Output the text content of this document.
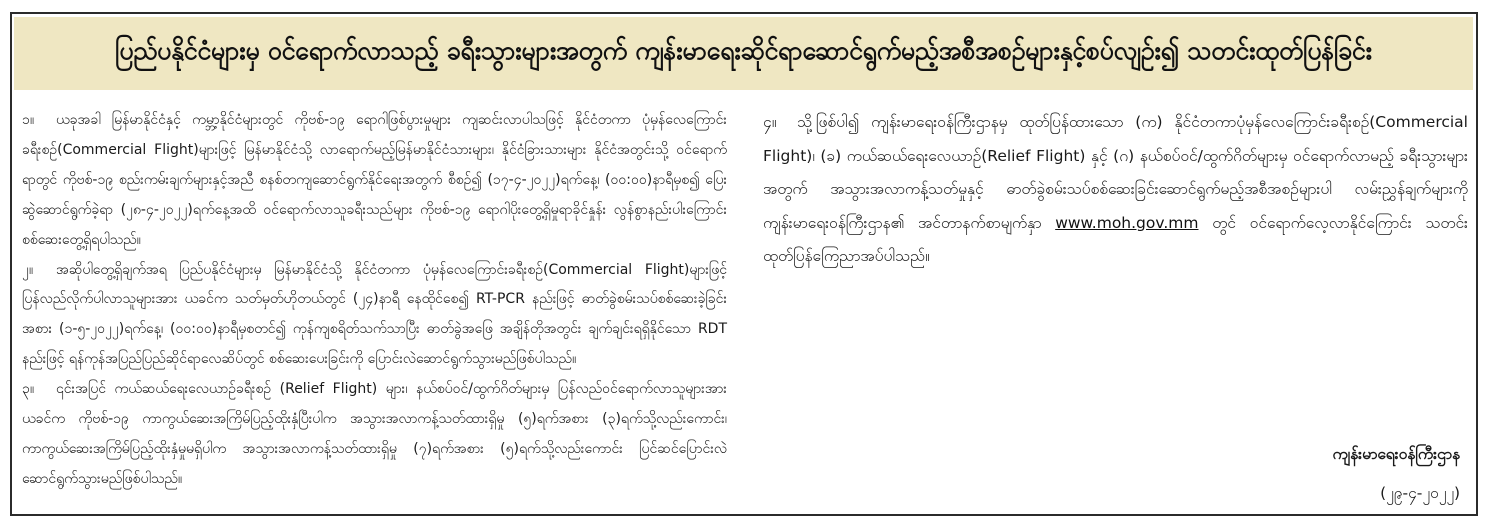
ပြည်ပနိုင်ငံများမှ ဝင်ရောက်လာသည့် ခရီးသွားများအတွက် ကျန်းမာရေးဆိုင်ရာဆောင်ရွက်မည့်အစီအစဉ်များနှင့်စပ်လျဉ်း၍ သတင်းထုတ်ပြန်ခြင်း

၁။ ယခုအခါ မြန်မာနိုင်ငံနှင့် ကမ္ဘာ့နိုင်ငံများတွင် ကိုဗစ်-၁၉ ရောဂါဖြစ်ပွားမှုများ ကျဆင်းလာပါသဖြင့် နိုင်ငံတကာ ပုံမှန်လေကြောင်းခရီးစဉ်(Commercial Flight)များဖြင့် မြန်မာနိုင်ငံသို့ လာရောက်မည့်မြန်မာနိုင်ငံသားများ၊ နိုင်ငံခြားသားများ နိုင်ငံအတွင်းသို့ ဝင်ရောက်ရာတွင် ကိုဗစ်-၁၉ စည်းကမ်းချက်များနှင့်အညီ စနစ်တကျဆောင်ရွက်နိုင်ရေးအတွက် စီစဉ်၍ (၁၇-၄-၂၀၂၂)ရက်နေ့၊ (၀၀:၀၀)နာရီမှစ၍ ပြေးဆွဲဆောင်ရွက်ခဲ့ရာ (၂၈-၄-၂၀၂၂)ရက်နေ့အထိ ဝင်ရောက်လာသူခရီးသည်များ ကိုဗစ်-၁၉ ရောဂါပိုးတွေ့ရှိမှုရာခိုင်နှုန်း လွန်စွာနည်းပါးကြောင်း စစ်ဆေးတွေ့ရှိရပါသည်။

၂။ အဆိုပါတွေ့ရှိချက်အရ ပြည်ပနိုင်ငံများမှ မြန်မာနိုင်ငံသို့ နိုင်ငံတကာ ပုံမှန်လေကြောင်းခရီးစဉ်(Commercial Flight)များဖြင့် ပြန်လည်လိုက်ပါလာသူများအား ယခင်က သတ်မှတ်ဟိုတယ်တွင် (၂၄)နာရီ နေထိုင်စေ၍ RT-PCR နည်းဖြင့် ဓာတ်ခွဲစမ်းသပ်စစ်ဆေးခဲ့ခြင်းအစား (၁-၅-၂၀၂၂)ရက်နေ့၊ (၀၀:၀၀)နာရီမှစတင်၍ ကုန်ကျစရိတ်သက်သာပြီး ဓာတ်ခွဲအဖြေ အချိန်တိုအတွင်း ချက်ချင်းရရှိနိုင်သော RDT နည်းဖြင့် ရန်ကုန်အပြည်ပြည်ဆိုင်ရာလေဆိပ်တွင် စစ်ဆေးပေးခြင်းကို ပြောင်းလဲဆောင်ရွက်သွားမည်ဖြစ်ပါသည်။

၃။ ၎င်းအပြင် ကယ်ဆယ်ရေးလေယာဉ်ခရီးစဉ် (Relief Flight) များ၊ နယ်စပ်ဝင်/ထွက်ဂိတ်များမှ ပြန်လည်ဝင်ရောက်လာသူများအား ယခင်က ကိုဗစ်-၁၉ ကာကွယ်ဆေးအကြိမ်ပြည့်ထိုးနှံပြီးပါက အသွားအလာကန့်သတ်ထားရှိမှု (၅)ရက်အစား (၃)ရက်သို့လည်းကောင်း၊ ကာကွယ်ဆေးအကြိမ်ပြည့်ထိုးနှံမှုမရှိပါက အသွားအလာကန့်သတ်ထားရှိမှု (၇)ရက်အစား (၅)ရက်သို့လည်းကောင်း ပြင်ဆင်ပြောင်းလဲ ဆောင်ရွက်သွားမည်ဖြစ်ပါသည်။

၄။ သို့ဖြစ်ပါ၍ ကျန်းမာရေးဝန်ကြီးဌာနမှ ထုတ်ပြန်ထားသော (က) နိုင်ငံတကာပုံမှန်လေကြောင်းခရီးစဉ်(Commercial Flight)၊ (ခ) ကယ်ဆယ်ရေးလေယာဉ်(Relief Flight) နှင့် (ဂ) နယ်စပ်ဝင်/ထွက်ဂိတ်များမှ ဝင်ရောက်လာမည့် ခရီးသွားများအတွက် အသွားအလာကန့်သတ်မှုနှင့် ဓာတ်ခွဲစမ်းသပ်စစ်ဆေးခြင်းဆောင်ရွက်မည့်အစီအစဉ်များပါ လမ်းညွှန်ချက်များကို ကျန်းမာရေးဝန်ကြီးဌာန၏ အင်တာနက်စာမျက်နှာ www.moh.gov.mm တွင် ဝင်ရောက်လေ့လာနိုင်ကြောင်း သတင်းထုတ်ပြန်ကြေညာအပ်ပါသည်။

ကျန်းမာရေးဝန်ကြီးဌာန
(၂၉-၄-၂၀၂၂)
